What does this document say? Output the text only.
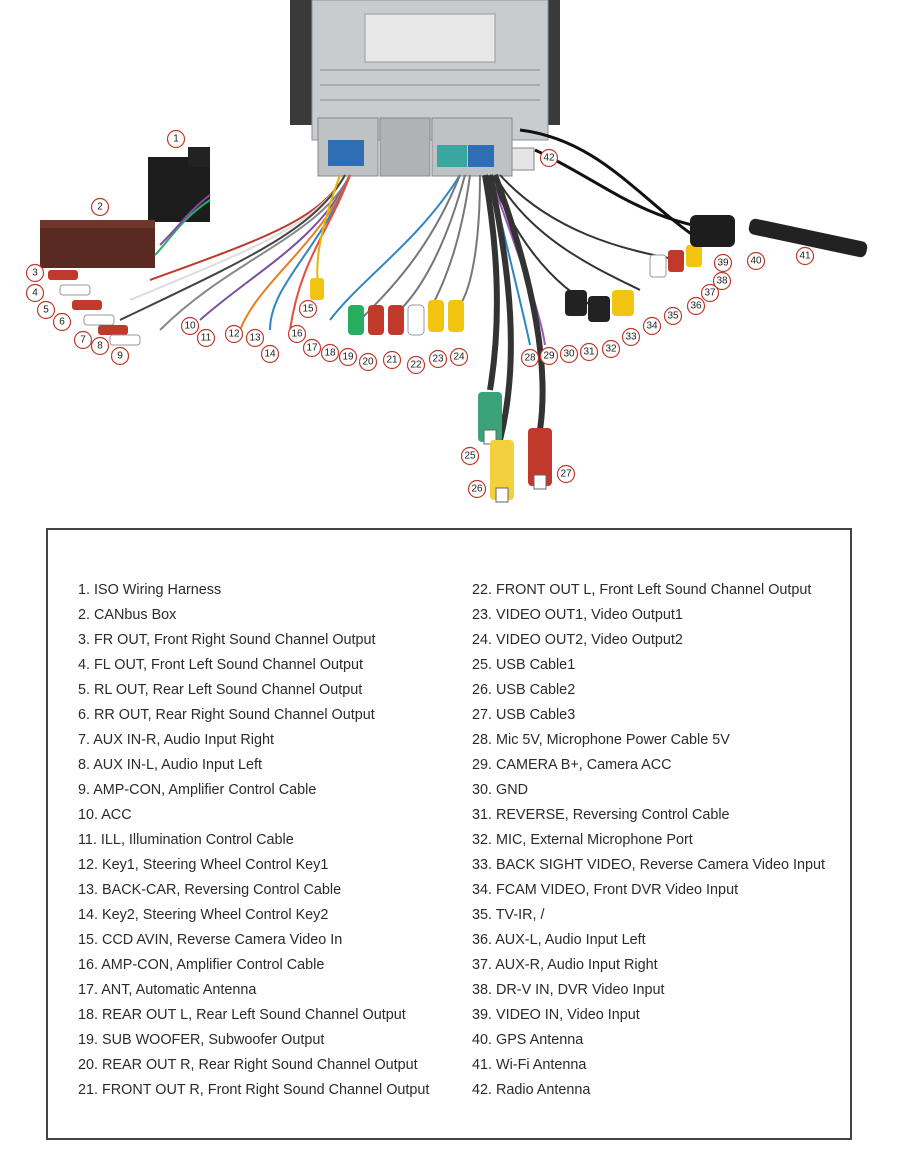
1
2
3
4
5
6
7
8
9
10
11 12 13
14
15
16
17 18 19 20 21 22
23 24
25
26
27
28 29 30 31 32
33
34
35
36
37
38
39 40	41
42
1. ISO Wiring Harness
2. CANbus Box
3. FR OUT, Front Right Sound Channel Output
4. FL OUT, Front Left Sound Channel Output
5. RL OUT, Rear Left Sound Channel Output
6. RR OUT, Rear Right Sound Channel Output
7. AUX IN-R, Audio Input Right
8. AUX IN-L, Audio Input Left
9. AMP-CON, Amplifier Control Cable
10. ACC
11. ILL, Illumination Control Cable
12. Key1, Steering Wheel Control Key1
13. BACK-CAR, Reversing Control Cable
14. Key2, Steering Wheel Control Key2
15. CCD AVIN, Reverse Camera Video In
16. AMP-CON, Amplifier Control Cable
17. ANT, Automatic Antenna
18. REAR OUT L, Rear Left Sound Channel Output
19. SUB WOOFER, Subwoofer Output
20. REAR OUT R, Rear Right Sound Channel Output
21. FRONT OUT R, Front Right Sound Channel Output
22. FRONT OUT L, Front Left Sound Channel Output
23. VIDEO OUT1, Video Output1
24. VIDEO OUT2, Video Output2
25. USB Cable1
26. USB Cable2
27. USB Cable3
28. Mic 5V, Microphone Power Cable 5V
29. CAMERA B+, Camera ACC
30. GND
31. REVERSE, Reversing Control Cable
32. MIC, External Microphone Port
33. BACK SIGHT VIDEO, Reverse Camera Video Input
34. FCAM VIDEO, Front DVR Video Input
35. TV-IR, /
36. AUX-L, Audio Input Left
37. AUX-R, Audio Input Right
38. DR-V IN, DVR Video Input
39. VIDEO IN, Video Input
40. GPS Antenna
41. Wi-Fi Antenna
42. Radio Antenna
